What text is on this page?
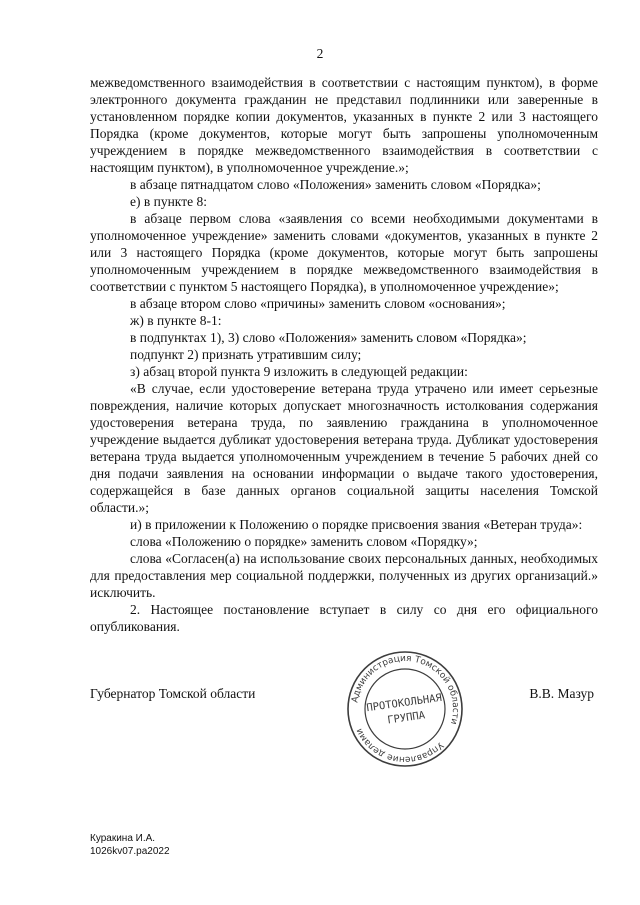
2

межведомственного взаимодействия в соответствии с настоящим пунктом), в форме электронного документа гражданин не представил подлинники или заверенные в установленном порядке копии документов, указанных в пункте 2 или 3 настоящего Порядка (кроме документов, которые могут быть запрошены уполномоченным учреждением в порядке межведомственного взаимодействия в соответствии с настоящим пунктом), в уполномоченное учреждение.»;

в абзаце пятнадцатом слово «Положения» заменить словом «Порядка»;

е) в пункте 8:

в абзаце первом слова «заявления со всеми необходимыми документами в уполномоченное учреждение» заменить словами «документов, указанных в пункте 2 или 3 настоящего Порядка (кроме документов, которые могут быть запрошены уполномоченным учреждением в порядке межведомственного взаимодействия в соответствии с пунктом 5 настоящего Порядка), в уполномоченное учреждение»;

в абзаце втором слово «причины» заменить словом «основания»;

ж) в пункте 8-1:

в подпунктах 1), 3) слово «Положения» заменить словом «Порядка»;

подпункт 2) признать утратившим силу;

з) абзац второй пункта 9 изложить в следующей редакции:

«В случае, если удостоверение ветерана труда утрачено или имеет серьезные повреждения, наличие которых допускает многозначность истолкования содержания удостоверения ветерана труда, по заявлению гражданина в уполномоченное учреждение выдается дубликат удостоверения ветерана труда. Дубликат удостоверения ветерана труда выдается уполномоченным учреждением в течение 5 рабочих дней со дня подачи заявления на основании информации о выдаче такого удостоверения, содержащейся в базе данных органов социальной защиты населения Томской области.»;

и) в приложении к Положению о порядке присвоения звания «Ветеран труда»:

слова «Положению о порядке» заменить словом «Порядку»;

слова «Согласен(а) на использование своих персональных данных, необходимых для предоставления мер социальной поддержки, полученных из других организаций.» исключить.

2. Настоящее постановление вступает в силу со дня его официального опубликования.

Губернатор Томской области	В.В. Мазур
Администрация Томской области
Управление делами
ПРОТОКОЛЬНАЯ
ГРУППА
Куракина И.А.
1026kv07.pa2022
